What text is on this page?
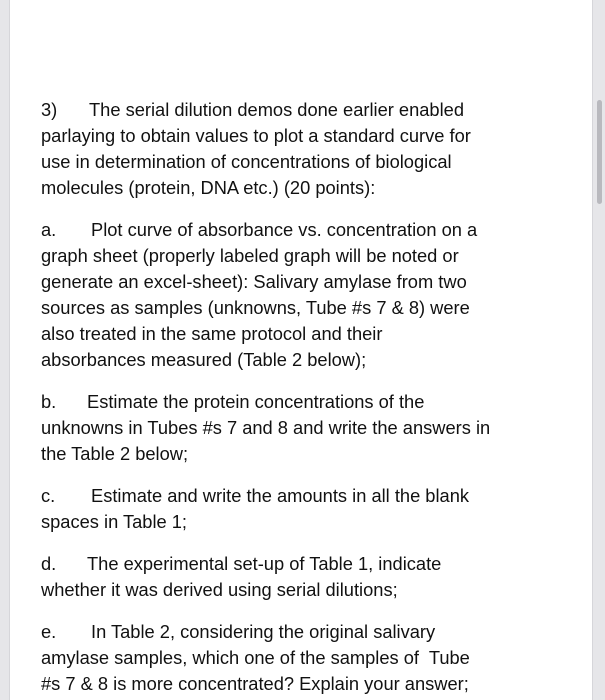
3) The serial dilution demos done earlier enabled
parlaying to obtain values to plot a standard curve for
use in determination of concentrations of biological
molecules (protein, DNA etc.) (20 points):
a. Plot curve of absorbance vs. concentration on a
graph sheet (properly labeled graph will be noted or
generate an excel-sheet): Salivary amylase from two
sources as samples (unknowns, Tube #s 7 & 8) were
also treated in the same protocol and their
absorbances measured (Table 2 below);
b. Estimate the protein concentrations of the
unknowns in Tubes #s 7 and 8 and write the answers in
the Table 2 below;
c. Estimate and write the amounts in all the blank
spaces in Table 1;
d. The experimental set-up of Table 1, indicate
whether it was derived using serial dilutions;
e. In Table 2, considering the original salivary
amylase samples, which one of the samples of  Tube
#s 7 & 8 is more concentrated? Explain your answer;
